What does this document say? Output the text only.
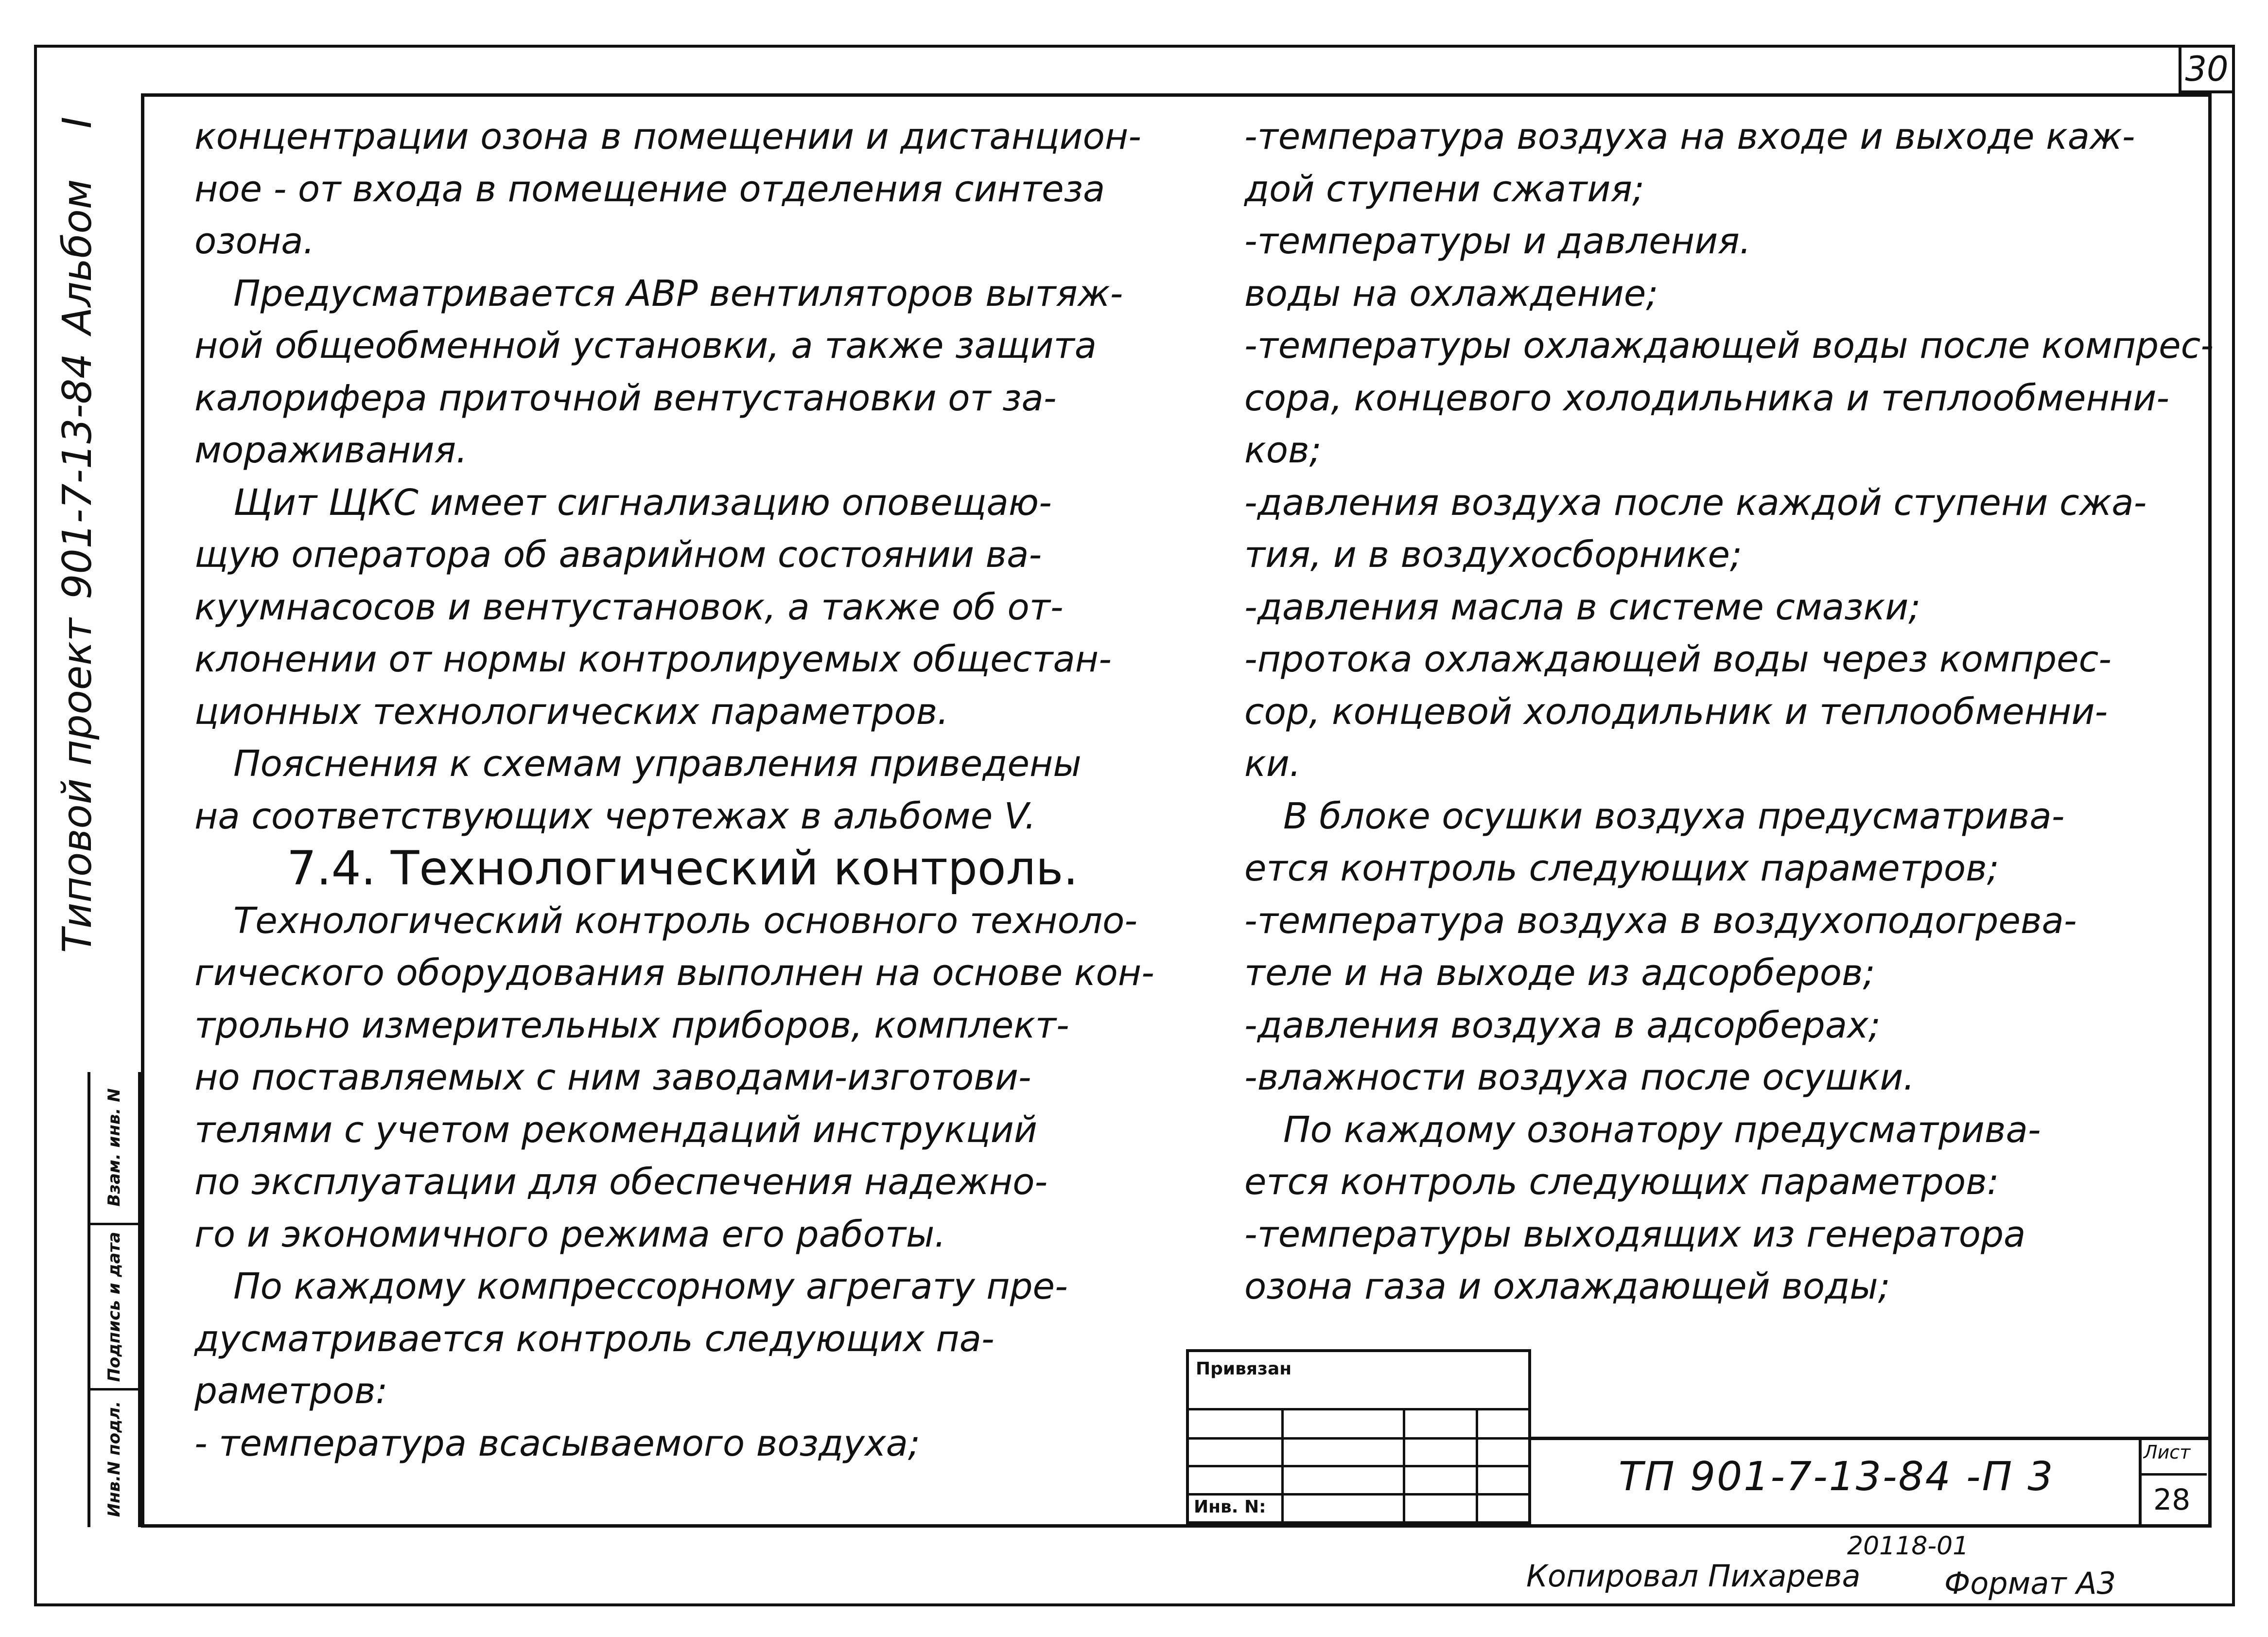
30
Типовой проект
901-7-13-84
Альбом    I
Взам. инв. N
Подпись и дата
Инв.N подл.

концентрации озона в помещении и дистанцион-

ное - от входа в помещение отделения синтеза

озона.

Предусматривается АВР вентиляторов вытяж-

ной общеобменной установки, а также защита

калорифера приточной вентустановки от за-

мораживания.

Щит ЩКС имеет сигнализацию оповещаю-

щую оператора об аварийном состоянии ва-

куумнасосов и вентустановок, а также об от-

клонении от нормы контролируемых общестан-

ционных технологических параметров.

Пояснения к схемам управления приведены

на соответствующих чертежах в альбоме V.

7.4. Технологический контроль.

Технологический контроль основного техноло-

гического оборудования выполнен на основе кон-

трольно измерительных приборов, комплект-

но поставляемых с ним заводами-изготови-

телями с учетом рекомендаций инструкций

по эксплуатации для обеспечения надежно-

го и экономичного режима его работы.

По каждому компрессорному агрегату пре-

дусматривается контроль следующих па-

раметров:

- температура всасываемого воздуха;

-температура воздуха на входе и выходе каж-

дой ступени сжатия;

-температуры и давления.

воды на охлаждение;

-температуры охлаждающей воды после компрес-

сора, концевого холодильника и теплообменни-

ков;

-давления воздуха после каждой ступени сжа-

тия, и в воздухосборнике;

-давления масла в системе смазки;

-протока охлаждающей воды через компрес-

сор, концевой холодильник и теплообменни-

ки.

В блоке осушки воздуха предусматрива-

ется контроль следующих параметров;

-температура воздуха в воздухоподогрева-

теле и на выходе из адсорберов;

-давления воздуха в адсорберах;

-влажности воздуха после осушки.

По каждому озонатору предусматрива-

ется контроль следующих параметров:

-температуры выходящих из генератора

озона газа и охлаждающей воды;

Привязан
Инв. N:
ТП 901-7-13-84 -П 3
Лист
28
20118-01
Копировал Пихарева	Формат А3
